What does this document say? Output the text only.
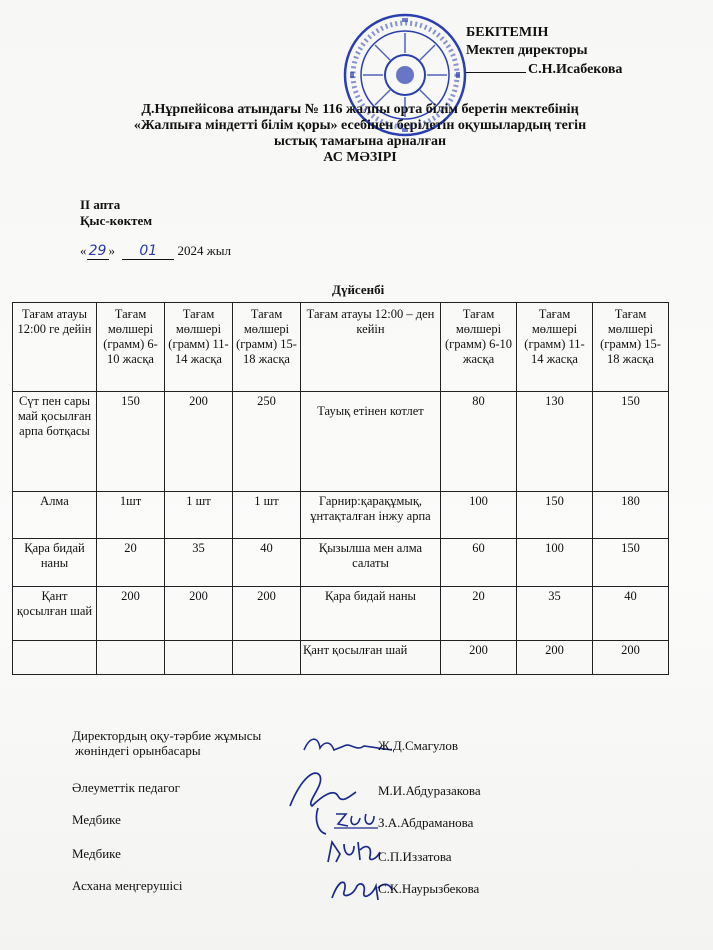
БЕКІТЕМІН
Мектеп директоры
С.Н.Исабекова
Д.Нұрпейісова атындағы № 116 жалпы орта білім беретін мектебінің
«Жалпыға міндетті білім қоры» есебінен берілетін оқушылардың тегін
ыстық тамағына арналған
АС МӘЗІРІ
II апта
Қыс-көктем
« 29 » 01 2024 жыл
Дүйсенбі
Тағам атауы 12:00 ге дейін	Тағам мөлшері (грамм) 6-10 жасқа	Тағам мөлшері (грамм) 11-14 жасқа	Тағам мөлшері (грамм) 15-18 жасқа	Тағам атауы 12:00 – ден кейін	Тағам мөлшері (грамм) 6-10 жасқа	Тағам мөлшері (грамм) 11-14 жасқа	Тағам мөлшері (грамм) 15-18 жасқа
Сүт пен сары май қосылған арпа ботқасы	150	200	250	Тауық етінен котлет	80	130	150
Алма	1шт	1 шт	1 шт	Гарнир:қарақұмық, ұнтақталған інжу арпа	100	150	180
Қара бидай наны	20	35	40	Қызылша мен алма салаты	60	100	150
Қант қосылған шай	200	200	200	Қара бидай наны	20	35	40
				Қант қосылған шай	200	200	200
Директордың оқу-тәрбие жұмысы
жөніндегі орынбасары	Ж.Д.Смагулов
Әлеуметтік педагог	М.И.Абдуразакова
Медбике	З.А.Абдраманова
Медбике	С.П.Иззатова
Асхана меңгерушісі	С.К.Наурызбекова
